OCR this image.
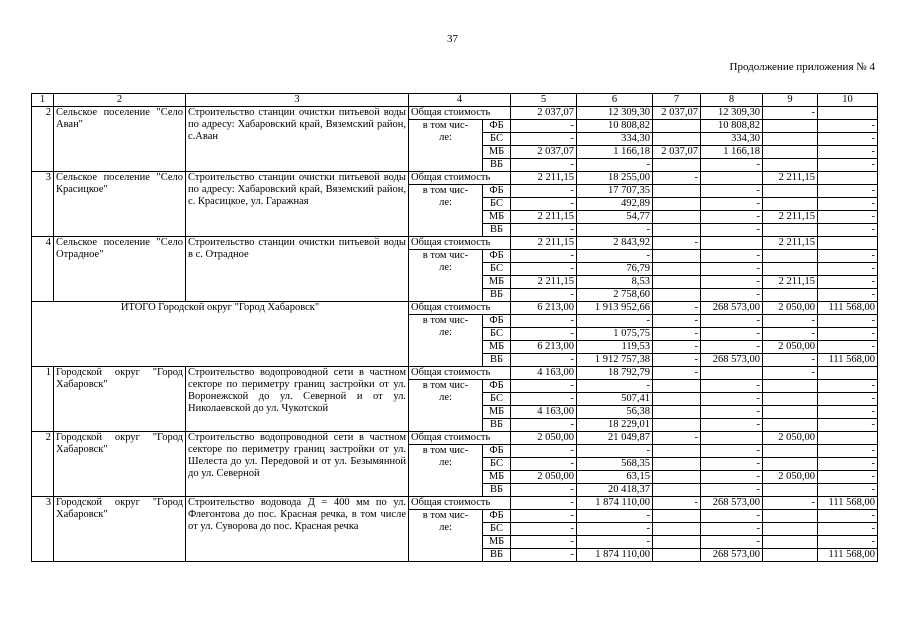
37
Продолжение приложения № 4
1	2	3	4		5	6	7	8	9	10
2	Сельское поселение "Село Аван"	Строительство станции очистки питьевой воды по адресу: Хабаровский край, Вяземский район, с.Аван	Общая стоимость		2 037,07	12 309,30	2 037,07	12 309,30	-	
			в том чис-
ле:	ФБ	-	10 808,82		10 808,82		-
				БС	-	334,30		334,30		-
				МБ	2 037,07	1 166,18	2 037,07	1 166,18		-
				ВБ	-	-		-		-
3	Сельское поселение "Село Красицкое"	Строительство станции очистки питьевой воды по адресу: Хабаровский край, Вяземский район, с. Красицкое, ул. Гаражная	Общая стоимость		2 211,15	18 255,00	-		2 211,15	
			в том чис-
ле:	ФБ	-	17 707,35		-		-
				БС	-	492,89		-		-
				МБ	2 211,15	54,77		-	2 211,15	-
				ВБ	-	-		-		-
4	Сельское поселение "Село Отрадное"	Строительство станции очистки питьевой воды в с. Отрадное	Общая стоимость		2 211,15	2 843,92	-		2 211,15	
			в том чис-
ле:	ФБ	-	-		-		-
				БС	-	76,79		-		-
				МБ	2 211,15	8,53		-	2 211,15	-
				ВБ	-	2 758,60		-		-
ИТОГО Городской округ "Город Хабаровск"			Общая стоимость		6 213,00	1 913 952,66	-	268 573,00	2 050,00	111 568,00
			в том чис-
ле:	ФБ	-	-	-	-	-	-
				БС	-	1 075,75	-	-	-	-
				МБ	6 213,00	119,53	-	-	2 050,00	-
				ВБ	-	1 912 757,38	-	268 573,00	-	111 568,00
1	Городской округ "Город Хабаровск"	Строительство водопроводной сети в частном секторе по периметру границ застройки от ул. Воронежской до ул. Северной и от ул. Николаевской до ул. Чукотской	Общая стоимость		4 163,00	18 792,79	-		-	
			в том чис-
ле:	ФБ	-	-		-		-
				БС	-	507,41		-		-
				МБ	4 163,00	56,38		-		-
				ВБ	-	18 229,01		-		-
2	Городской округ "Город Хабаровск"	Строительство водопроводной сети в частном секторе по периметру границ застройки от ул. Шелеста до ул. Передовой и от ул. Безымянной до ул. Северной	Общая стоимость		2 050,00	21 049,87	-		2 050,00	
			в том чис-
ле:	ФБ	-	-		-		-
				БС	-	568,35		-		-
				МБ	2 050,00	63,15		-	2 050,00	-
				ВБ	-	20 418,37		-		-
3	Городской округ "Город Хабаровск"	Строительство водовода Д = 400 мм по ул. Флегонтова до пос. Красная речка, в том числе от ул. Суворова до пос. Красная речка	Общая стоимость		-	1 874 110,00	-	268 573,00	-	111 568,00
			в том чис-
ле:	ФБ	-	-		-		-
				БС	-	-		-		-
				МБ	-	-		-		-
				ВБ	-	1 874 110,00		268 573,00		111 568,00
